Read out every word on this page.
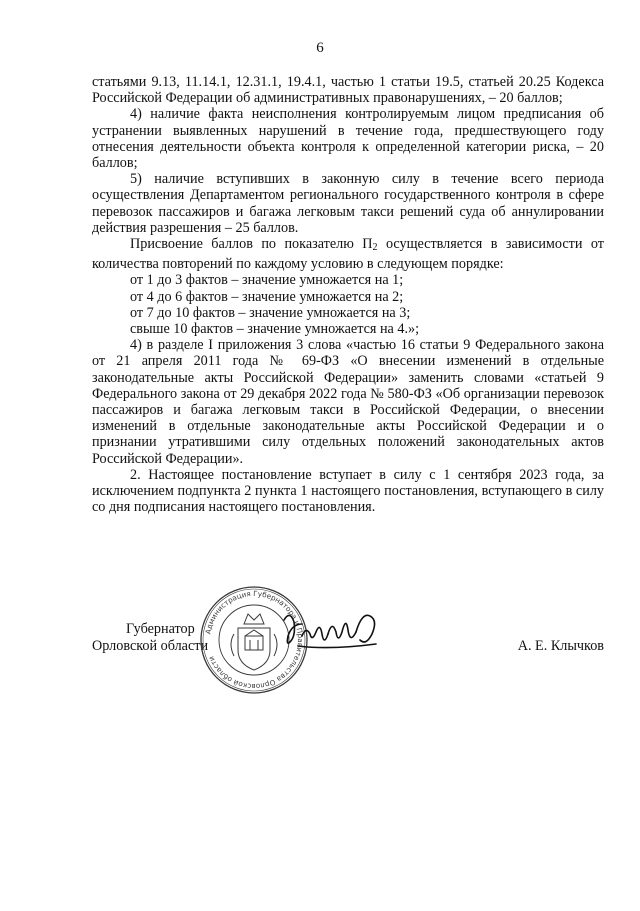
6

статьями 9.13, 11.14.1, 12.31.1, 19.4.1, частью 1 статьи 19.5, статьей 20.25 Кодекса Российской Федерации об административных правонарушениях, – 20 баллов;

4) наличие факта неисполнения контролируемым лицом предписания об устранении выявленных нарушений в течение года, предшествующего году отнесения деятельности объекта контроля к определенной категории риска, – 20 баллов;

5) наличие вступивших в законную силу в течение всего периода осуществления Департаментом регионального государственного контроля в сфере перевозок пассажиров и багажа легковым такси решений суда об аннулировании действия разрешения – 25 баллов.

Присвоение баллов по показателю $П_2$ осуществляется в зависимости от количества повторений по каждому условию в следующем порядке:

от 1 до 3 фактов – значение умножается на 1;

от 4 до 6 фактов – значение умножается на 2;

от 7 до 10 фактов – значение умножается на 3;

свыше 10 фактов – значение умножается на 4.»;

4) в разделе I приложения 3 слова «частью 16 статьи 9 Федерального закона от 21 апреля 2011 года № 69-ФЗ «О внесении изменений в отдельные законодательные акты Российской Федерации» заменить словами «статьей 9 Федерального закона от 29 декабря 2022 года № 580-ФЗ «Об организации перевозок пассажиров и багажа легковым такси в Российской Федерации, о внесении изменений в отдельные законодательные акты Российской Федерации и о признании утратившими силу отдельных положений законодательных актов Российской Федерации».

2. Настоящее постановление вступает в силу с 1 сентября 2023 года, за исключением подпункта 2 пункта 1 настоящего постановления, вступающего в силу со дня подписания настоящего постановления.

Губернатор
Орловской области	А. Е. Клычков
Администрация Губернатора и Правительства Орловской области
